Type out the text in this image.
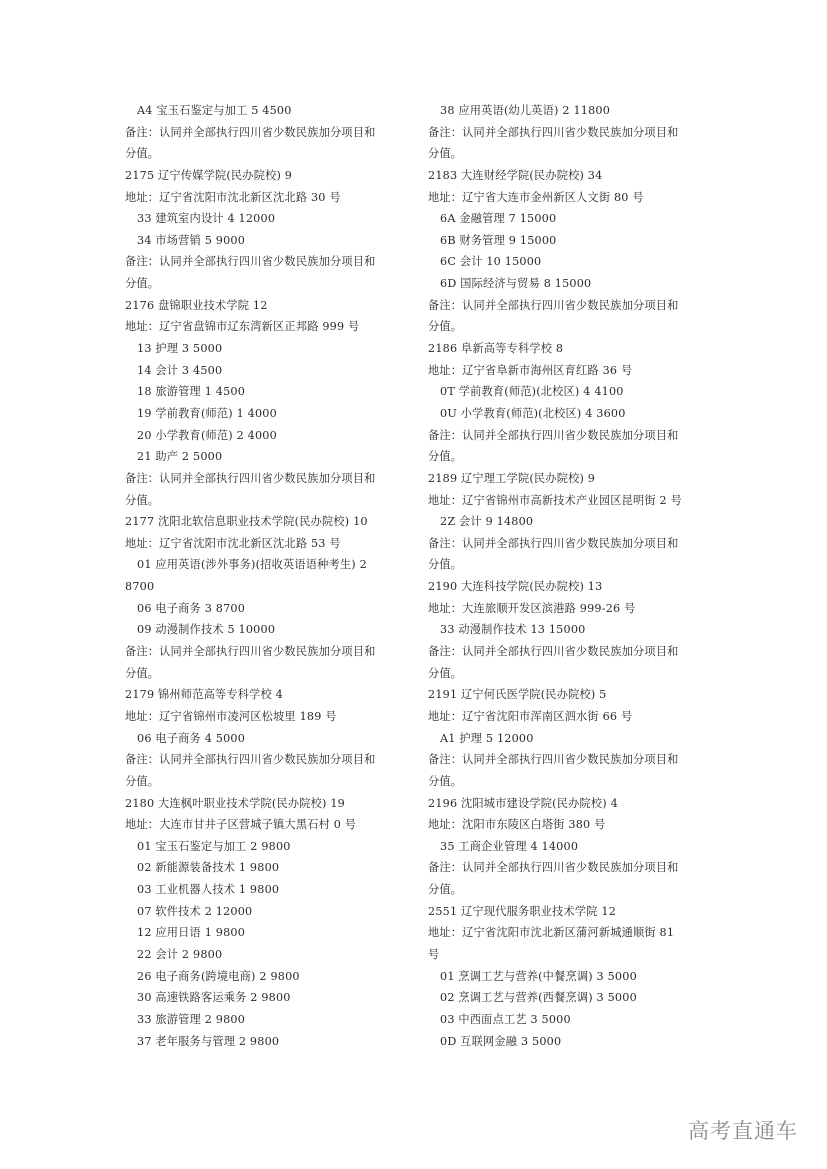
A4 宝玉石鉴定与加工 5 4500
备注：认同并全部执行四川省少数民族加分项目和
分值。
2175 辽宁传媒学院(民办院校) 9
地址：辽宁省沈阳市沈北新区沈北路 30 号
33 建筑室内设计 4 12000
34 市场营销 5 9000
备注：认同并全部执行四川省少数民族加分项目和
分值。
2176 盘锦职业技术学院 12
地址：辽宁省盘锦市辽东湾新区正邦路 999 号
13 护理 3 5000
14 会计 3 4500
18 旅游管理 1 4500
19 学前教育(师范) 1 4000
20 小学教育(师范) 2 4000
21 助产 2 5000
备注：认同并全部执行四川省少数民族加分项目和
分值。
2177 沈阳北软信息职业技术学院(民办院校) 10
地址：辽宁省沈阳市沈北新区沈北路 53 号
01 应用英语(涉外事务)(招收英语语种考生) 2
8700
06 电子商务 3 8700
09 动漫制作技术 5 10000
备注：认同并全部执行四川省少数民族加分项目和
分值。
2179 锦州师范高等专科学校 4
地址：辽宁省锦州市凌河区松坡里 189 号
06 电子商务 4 5000
备注：认同并全部执行四川省少数民族加分项目和
分值。
2180 大连枫叶职业技术学院(民办院校) 19
地址：大连市甘井子区营城子镇大黑石村 0 号
01 宝玉石鉴定与加工 2 9800
02 新能源装备技术 1 9800
03 工业机器人技术 1 9800
07 软件技术 2 12000
12 应用日语 1 9800
22 会计 2 9800
26 电子商务(跨境电商) 2 9800
30 高速铁路客运乘务 2 9800
33 旅游管理 2 9800
37 老年服务与管理 2 9800
38 应用英语(幼儿英语) 2 11800
备注：认同并全部执行四川省少数民族加分项目和
分值。
2183 大连财经学院(民办院校) 34
地址：辽宁省大连市金州新区人文街 80 号
6A 金融管理 7 15000
6B 财务管理 9 15000
6C 会计 10 15000
6D 国际经济与贸易 8 15000
备注：认同并全部执行四川省少数民族加分项目和
分值。
2186 阜新高等专科学校 8
地址：辽宁省阜新市海州区育红路 36 号
0T 学前教育(师范)(北校区) 4 4100
0U 小学教育(师范)(北校区) 4 3600
备注：认同并全部执行四川省少数民族加分项目和
分值。
2189 辽宁理工学院(民办院校) 9
地址：辽宁省锦州市高新技术产业园区昆明街 2 号
2Z 会计 9 14800
备注：认同并全部执行四川省少数民族加分项目和
分值。
2190 大连科技学院(民办院校) 13
地址：大连旅顺开发区滨港路 999-26 号
33 动漫制作技术 13 15000
备注：认同并全部执行四川省少数民族加分项目和
分值。
2191 辽宁何氏医学院(民办院校) 5
地址：辽宁省沈阳市浑南区泗水街 66 号
A1 护理 5 12000
备注：认同并全部执行四川省少数民族加分项目和
分值。
2196 沈阳城市建设学院(民办院校) 4
地址：沈阳市东陵区白塔街 380 号
35 工商企业管理 4 14000
备注：认同并全部执行四川省少数民族加分项目和
分值。
2551 辽宁现代服务职业技术学院 12
地址：辽宁省沈阳市沈北新区蒲河新城通顺街 81
号
01 烹调工艺与营养(中餐烹调) 3 5000
02 烹调工艺与营养(西餐烹调) 3 5000
03 中西面点工艺 3 5000
0D 互联网金融 3 5000
高考直通车
